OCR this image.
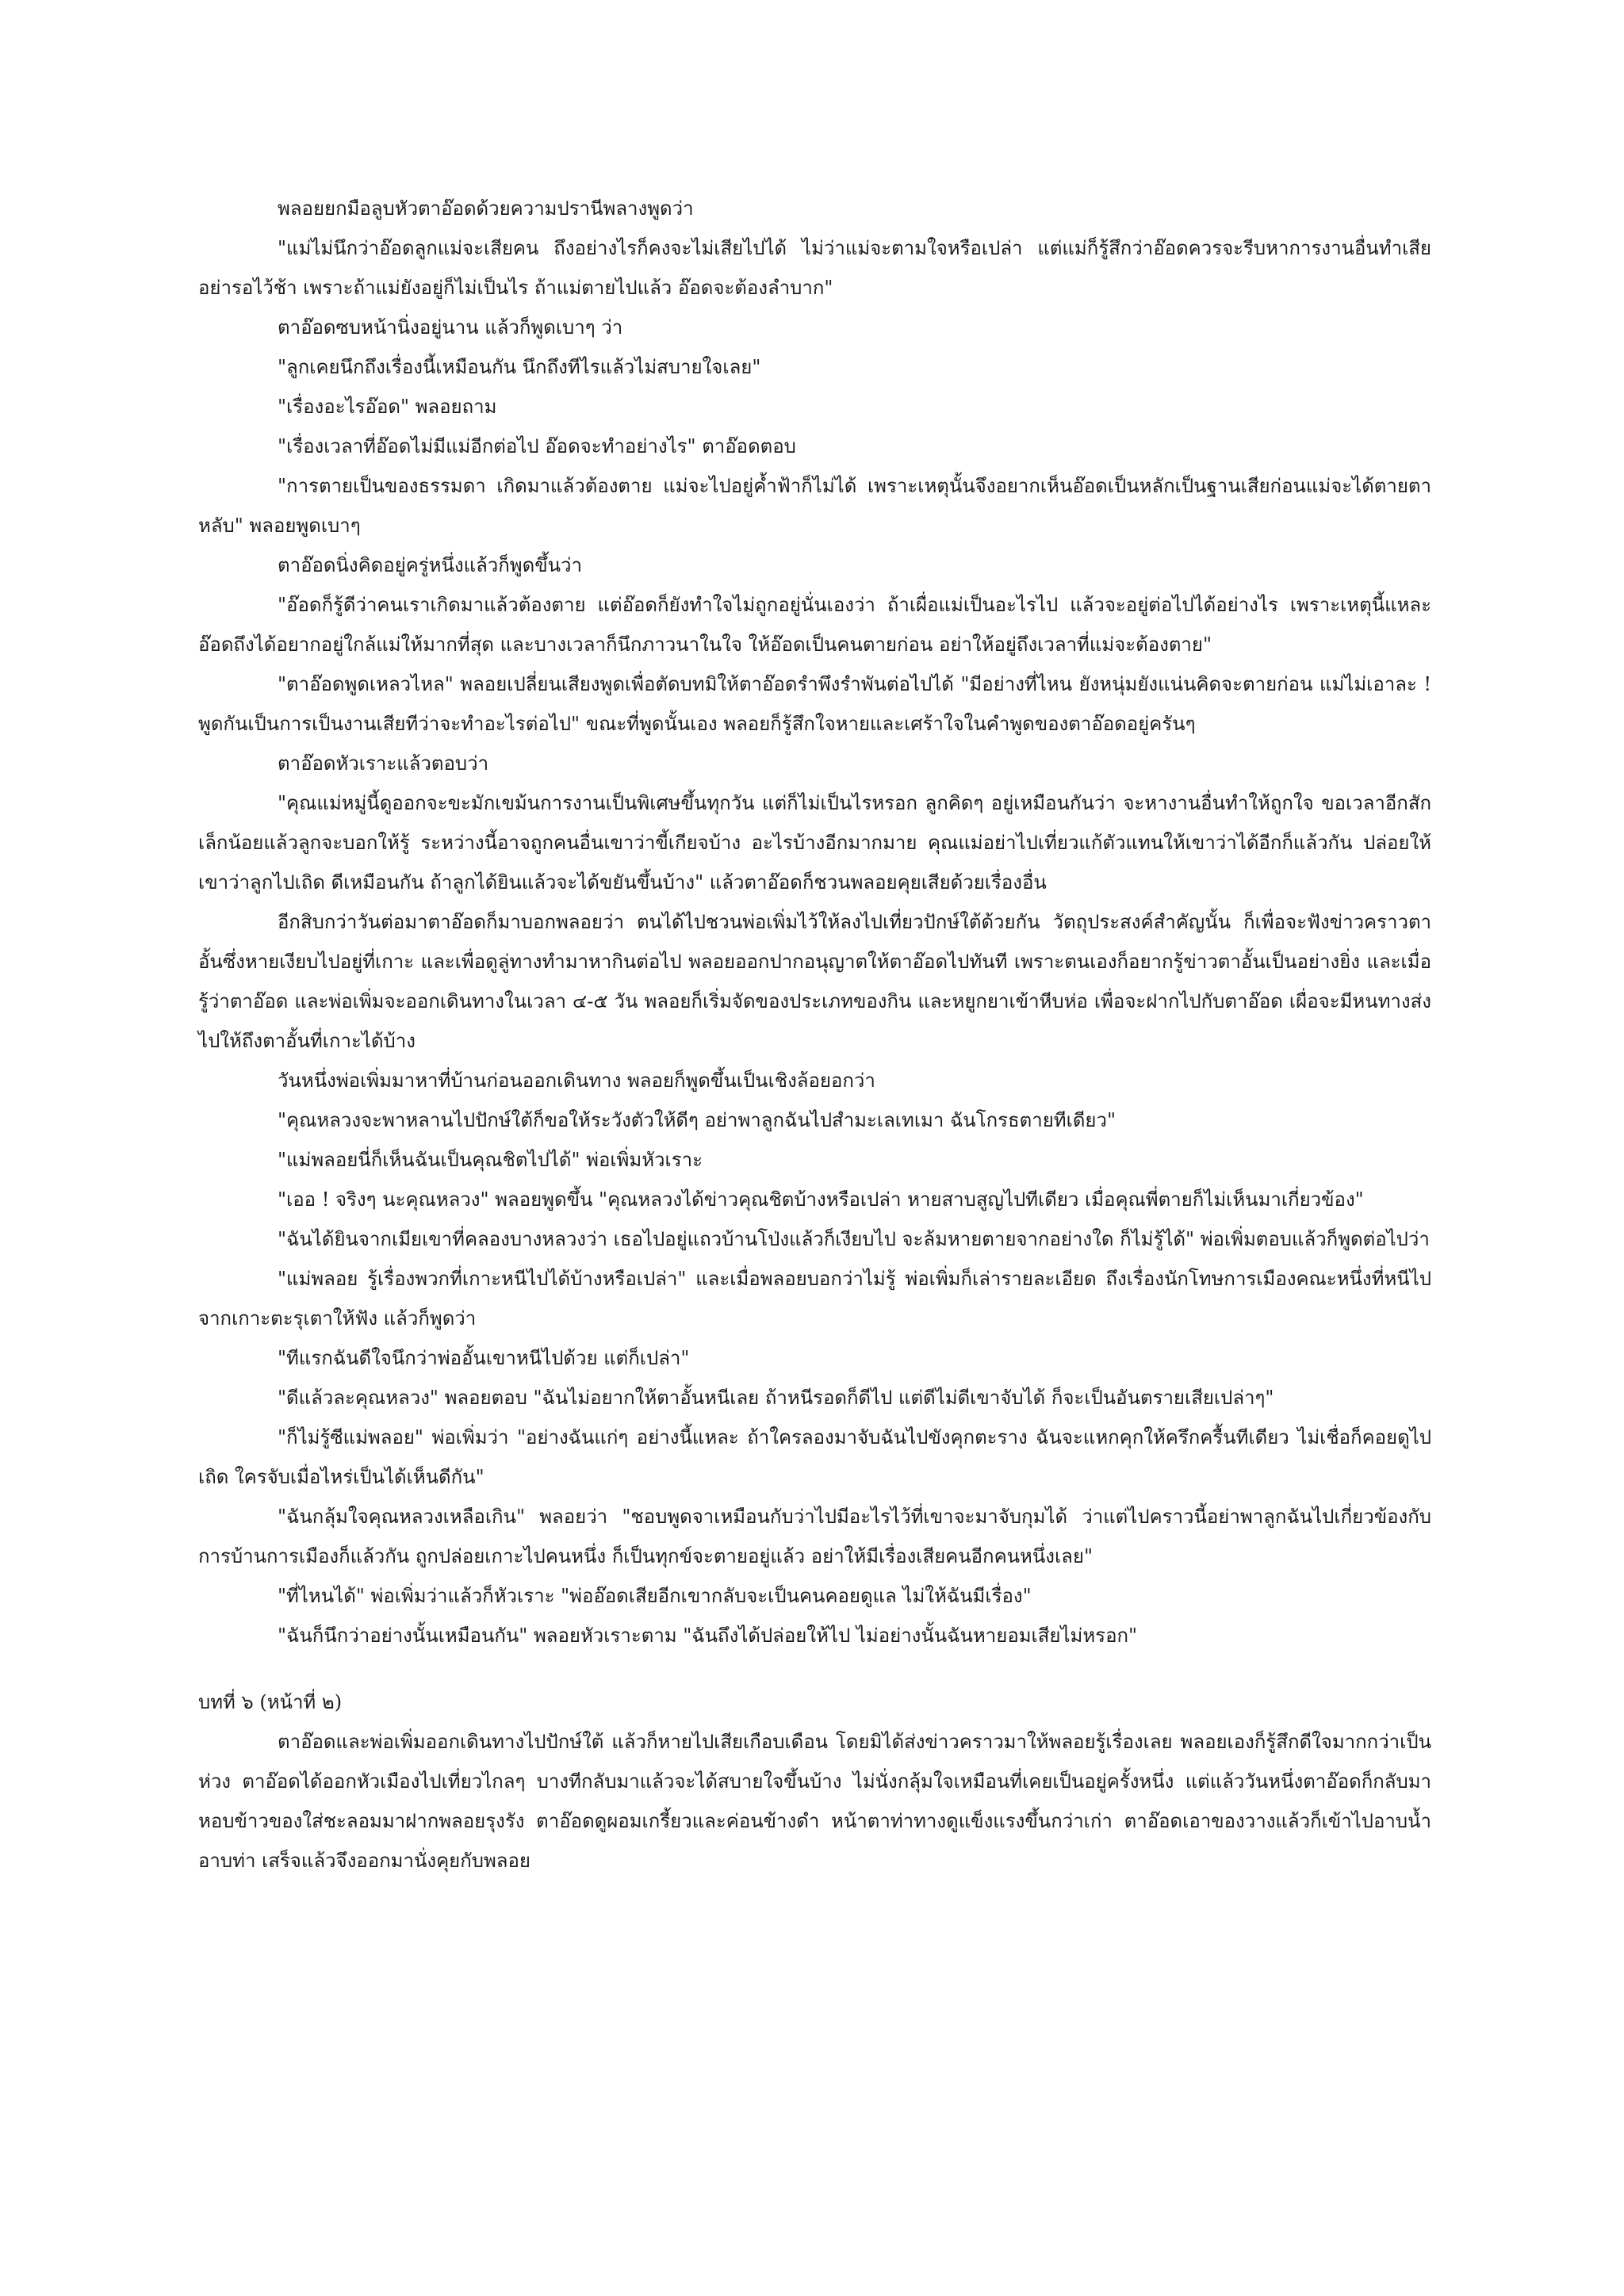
พลอยยกมือลูบหัวตาอ๊อดด้วยความปรานีพลางพูดว่า

"แม่ไม่นึกว่าอ๊อดลูกแม่จะเสียคน ถึงอย่างไรก็คงจะไม่เสียไปได้ ไม่ว่าแม่จะตามใจหรือเปล่า แต่แม่ก็รู้สึกว่าอ๊อดควรจะรีบหาการงานอื่นทำเสียอย่ารอไว้ช้า เพราะถ้าแม่ยังอยู่ก็ไม่เป็นไร ถ้าแม่ตายไปแล้ว อ๊อดจะต้องลำบาก"

ตาอ๊อดซบหน้านิ่งอยู่นาน แล้วก็พูดเบาๆ ว่า

"ลูกเคยนึกถึงเรื่องนี้เหมือนกัน นึกถึงทีไรแล้วไม่สบายใจเลย"

"เรื่องอะไรอ๊อด" พลอยถาม

"เรื่องเวลาที่อ๊อดไม่มีแม่อีกต่อไป อ๊อดจะทำอย่างไร" ตาอ๊อดตอบ

"การตายเป็นของธรรมดา เกิดมาแล้วต้องตาย แม่จะไปอยู่ค้ำฟ้าก็ไม่ได้ เพราะเหตุนั้นจึงอยากเห็นอ๊อดเป็นหลักเป็นฐานเสียก่อนแม่จะได้ตายตาหลับ" พลอยพูดเบาๆ

ตาอ๊อดนิ่งคิดอยู่ครู่หนึ่งแล้วก็พูดขึ้นว่า

"อ๊อดก็รู้ดีว่าคนเราเกิดมาแล้วต้องตาย แต่อ๊อดก็ยังทำใจไม่ถูกอยู่นั่นเองว่า ถ้าเผื่อแม่เป็นอะไรไป แล้วจะอยู่ต่อไปได้อย่างไร เพราะเหตุนี้แหละ อ๊อดถึงได้อยากอยู่ใกล้แม่ให้มากที่สุด และบางเวลาก็นึกภาวนาในใจ ให้อ๊อดเป็นคนตายก่อน อย่าให้อยู่ถึงเวลาที่แม่จะต้องตาย"

"ตาอ๊อดพูดเหลวไหล" พลอยเปลี่ยนเสียงพูดเพื่อตัดบทมิให้ตาอ๊อดรำพึงรำพันต่อไปได้ "มีอย่างที่ไหน ยังหนุ่มยังแน่นคิดจะตายก่อน แม่ไม่เอาละ ! พูดกันเป็นการเป็นงานเสียทีว่าจะทำอะไรต่อไป" ขณะที่พูดนั้นเอง พลอยก็รู้สึกใจหายและเศร้าใจในคำพูดของตาอ๊อดอยู่ครันๆ

ตาอ๊อดหัวเราะแล้วตอบว่า

"คุณแม่หมู่นี้ดูออกจะขะมักเขม้นการงานเป็นพิเศษขึ้นทุกวัน แต่ก็ไม่เป็นไรหรอก ลูกคิดๆ อยู่เหมือนกันว่า จะหางานอื่นทำให้ถูกใจ ขอเวลาอีกสักเล็กน้อยแล้วลูกจะบอกให้รู้ ระหว่างนี้อาจถูกคนอื่นเขาว่าขี้เกียจบ้าง อะไรบ้างอีกมากมาย คุณแม่อย่าไปเที่ยวแก้ตัวแทนให้เขาว่าได้อีกก็แล้วกัน ปล่อยให้เขาว่าลูกไปเถิด ดีเหมือนกัน ถ้าลูกได้ยินแล้วจะได้ขยันขึ้นบ้าง" แล้วตาอ๊อดก็ชวนพลอยคุยเสียด้วยเรื่องอื่น

อีกสิบกว่าวันต่อมาตาอ๊อดก็มาบอกพลอยว่า ตนได้ไปชวนพ่อเพิ่มไว้ให้ลงไปเที่ยวปักษ์ใต้ด้วยกัน วัตถุประสงค์สำคัญนั้น ก็เพื่อจะฟังข่าวคราวตาอั้นซึ่งหายเงียบไปอยู่ที่เกาะ และเพื่อดูลู่ทางทำมาหากินต่อไป พลอยออกปากอนุญาตให้ตาอ๊อดไปทันที เพราะตนเองก็อยากรู้ข่าวตาอั้นเป็นอย่างยิ่ง และเมื่อรู้ว่าตาอ๊อด และพ่อเพิ่มจะออกเดินทางในเวลา ๔-๕ วัน พลอยก็เริ่มจัดของประเภทของกิน และหยูกยาเข้าหีบห่อ เพื่อจะฝากไปกับตาอ๊อด เผื่อจะมีหนทางส่งไปให้ถึงตาอั้นที่เกาะได้บ้าง

วันหนึ่งพ่อเพิ่มมาหาที่บ้านก่อนออกเดินทาง พลอยก็พูดขึ้นเป็นเชิงล้อยอกว่า

"คุณหลวงจะพาหลานไปปักษ์ใต้ก็ขอให้ระวังตัวให้ดีๆ อย่าพาลูกฉันไปสำมะเลเทเมา ฉันโกรธตายทีเดียว"

"แม่พลอยนี่ก็เห็นฉันเป็นคุณชิตไปได้" พ่อเพิ่มหัวเราะ

"เออ ! จริงๆ นะคุณหลวง" พลอยพูดขึ้น "คุณหลวงได้ข่าวคุณชิตบ้างหรือเปล่า หายสาบสูญไปทีเดียว เมื่อคุณพี่ตายก็ไม่เห็นมาเกี่ยวข้อง"

"ฉันได้ยินจากเมียเขาที่คลองบางหลวงว่า เธอไปอยู่แถวบ้านโป่งแล้วก็เงียบไป จะล้มหายตายจากอย่างใด ก็ไม่รู้ได้" พ่อเพิ่มตอบแล้วก็พูดต่อไปว่า

"แม่พลอย รู้เรื่องพวกที่เกาะหนีไปได้บ้างหรือเปล่า" และเมื่อพลอยบอกว่าไม่รู้ พ่อเพิ่มก็เล่ารายละเอียด ถึงเรื่องนักโทษการเมืองคณะหนึ่งที่หนีไปจากเกาะตะรุเตาให้ฟัง แล้วก็พูดว่า

"ทีแรกฉันดีใจนึกว่าพ่ออั้นเขาหนีไปด้วย แต่ก็เปล่า"

"ดีแล้วละคุณหลวง" พลอยตอบ "ฉันไม่อยากให้ตาอั้นหนีเลย ถ้าหนีรอดก็ดีไป แต่ดีไม่ดีเขาจับได้ ก็จะเป็นอันตรายเสียเปล่าๆ"

"ก็ไม่รู้ซีแม่พลอย" พ่อเพิ่มว่า "อย่างฉันแก่ๆ อย่างนี้แหละ ถ้าใครลองมาจับฉันไปขังคุกตะราง ฉันจะแหกคุกให้ครึกครื้นทีเดียว ไม่เชื่อก็คอยดูไปเถิด ใครจับเมื่อไหร่เป็นได้เห็นดีกัน"

"ฉันกลุ้มใจคุณหลวงเหลือเกิน" พลอยว่า "ชอบพูดจาเหมือนกับว่าไปมีอะไรไว้ที่เขาจะมาจับกุมได้ ว่าแต่ไปคราวนี้อย่าพาลูกฉันไปเกี่ยวข้องกับการบ้านการเมืองก็แล้วกัน ถูกปล่อยเกาะไปคนหนึ่ง ก็เป็นทุกข์จะตายอยู่แล้ว อย่าให้มีเรื่องเสียคนอีกคนหนึ่งเลย"

"ที่ไหนได้" พ่อเพิ่มว่าแล้วก็หัวเราะ "พ่ออ๊อดเสียอีกเขากลับจะเป็นคนคอยดูแล ไม่ให้ฉันมีเรื่อง"

"ฉันก็นึกว่าอย่างนั้นเหมือนกัน" พลอยหัวเราะตาม "ฉันถึงได้ปล่อยให้ไป ไม่อย่างนั้นฉันหายอมเสียไม่หรอก"

บทที่ ๖ (หน้าที่ ๒)

ตาอ๊อดและพ่อเพิ่มออกเดินทางไปปักษ์ใต้ แล้วก็หายไปเสียเกือบเดือน โดยมิได้ส่งข่าวคราวมาให้พลอยรู้เรื่องเลย พลอยเองก็รู้สึกดีใจมากกว่าเป็นห่วง ตาอ๊อดได้ออกหัวเมืองไปเที่ยวไกลๆ บางทีกลับมาแล้วจะได้สบายใจขึ้นบ้าง ไม่นั่งกลุ้มใจเหมือนที่เคยเป็นอยู่ครั้งหนึ่ง แต่แล้ววันหนึ่งตาอ๊อดก็กลับมาหอบข้าวของใส่ชะลอมมาฝากพลอยรุงรัง ตาอ๊อดดูผอมเกรี้ยวและค่อนข้างดำ หน้าตาท่าทางดูแข็งแรงขึ้นกว่าเก่า ตาอ๊อดเอาของวางแล้วก็เข้าไปอาบน้ำอาบท่า เสร็จแล้วจึงออกมานั่งคุยกับพลอย
